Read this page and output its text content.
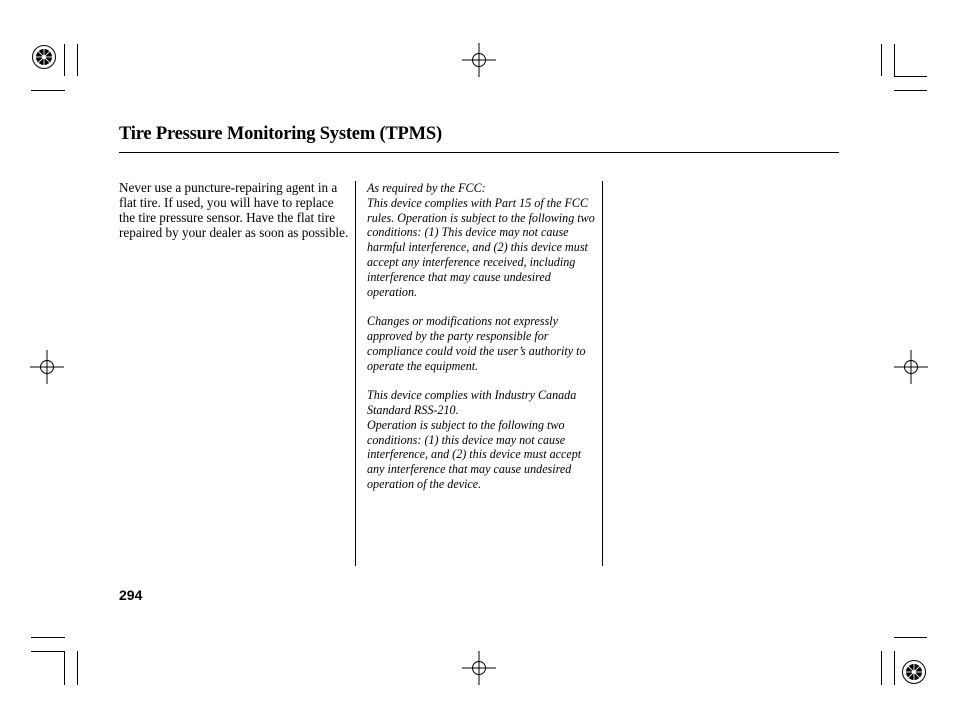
Tire Pressure Monitoring System (TPMS)

Never use a puncture-repairing agent in a flat tire. If used, you will have to replace the tire pressure sensor. Have the flat tire repaired by your dealer as soon as possible.

As required by the FCC:

This device complies with Part 15 of the FCC rules. Operation is subject to the following two conditions: (1) This device may not cause harmful interference, and (2) this device must accept any interference received, including interference that may cause undesired operation.

Changes or modifications not expressly approved by the party responsible for compliance could void the user’s authority to operate the equipment.

This device complies with Industry Canada Standard RSS-210.

Operation is subject to the following two conditions: (1) this device may not cause interference, and (2) this device must accept any interference that may cause undesired operation of the device.

294
